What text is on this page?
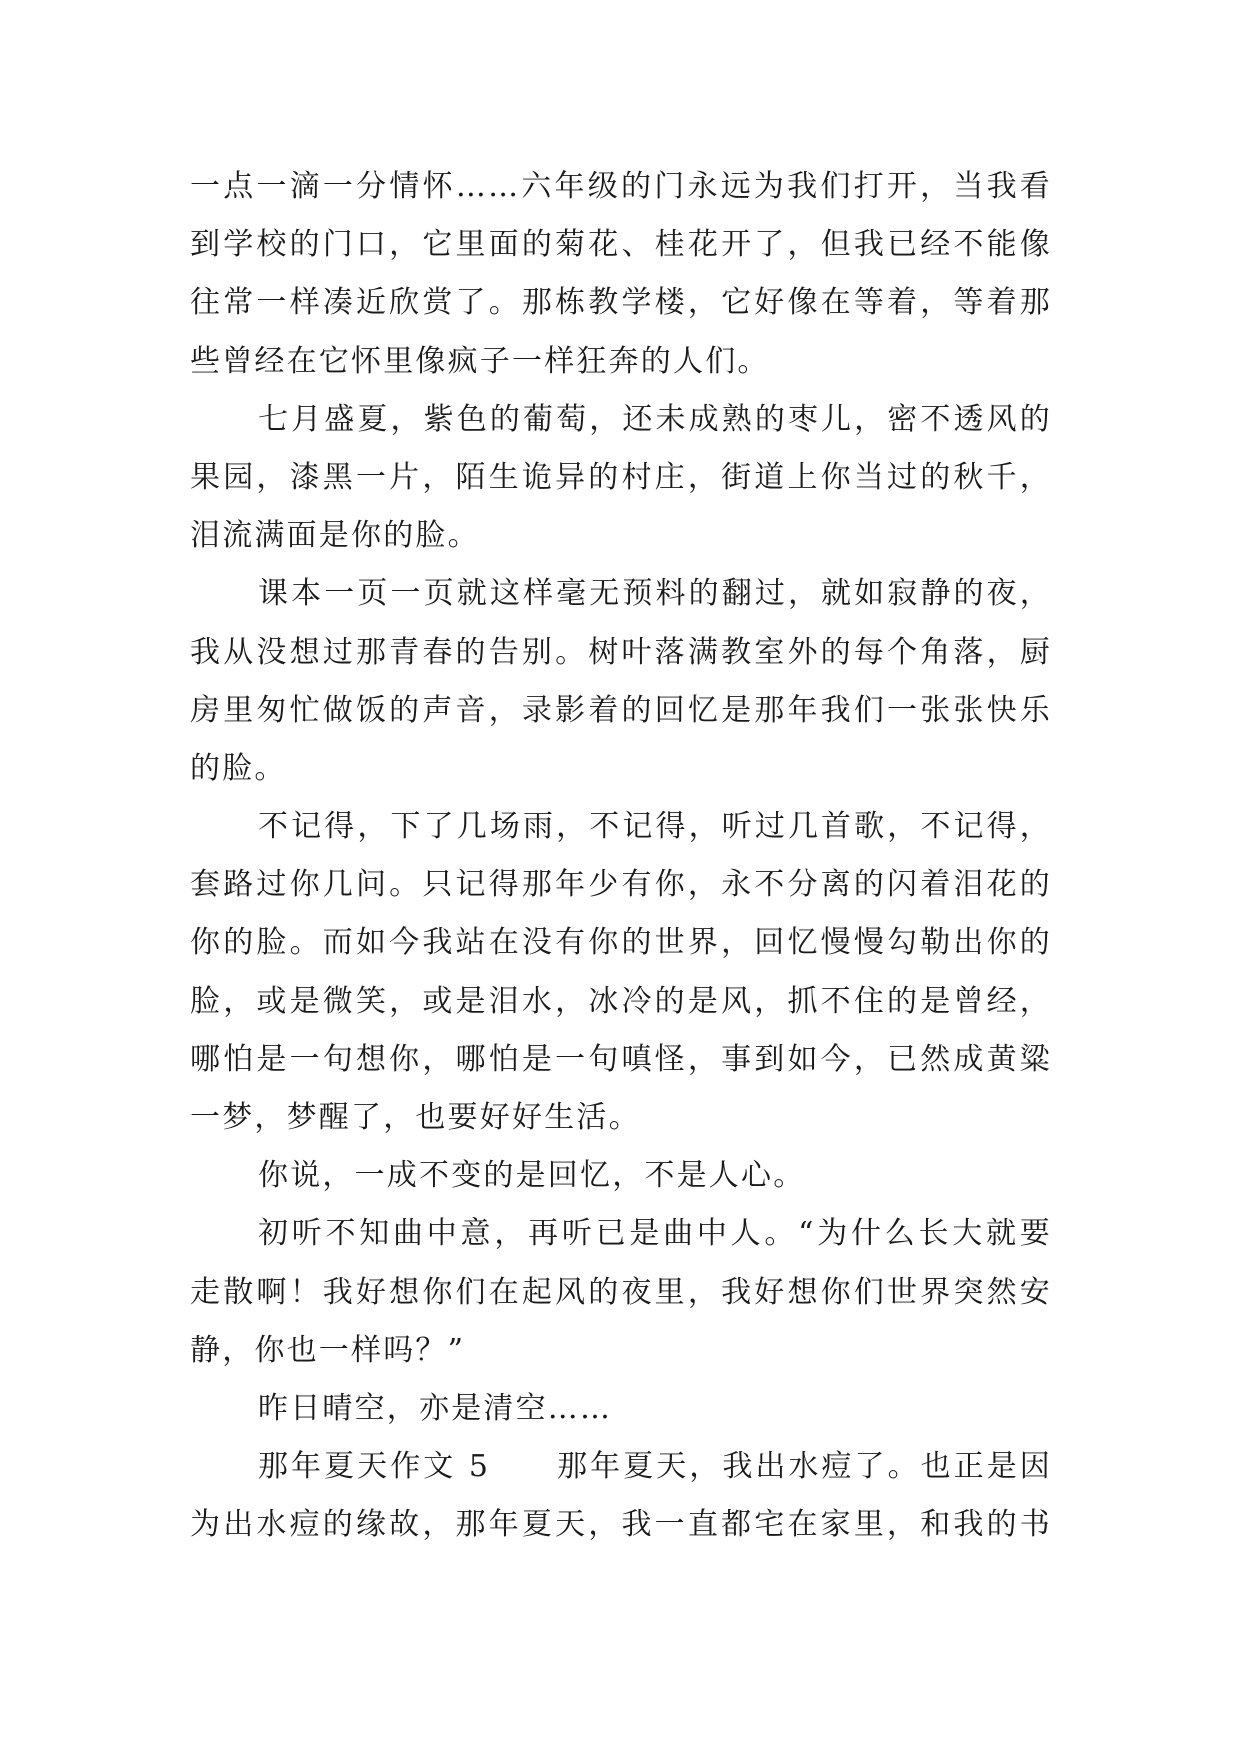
一点一滴一分情怀……六年级的门永远为我们打开，当我看
到学校的门口，它里面的菊花、桂花开了，但我已经不能像
往常一样凑近欣赏了。那栋教学楼，它好像在等着，等着那
些曾经在它怀里像疯子一样狂奔的人们。
七月盛夏，紫色的葡萄，还未成熟的枣儿，密不透风的
果园，漆黑一片，陌生诡异的村庄，街道上你当过的秋千，
泪流满面是你的脸。
课本一页一页就这样毫无预料的翻过，就如寂静的夜，
我从没想过那青春的告别。树叶落满教室外的每个角落，厨
房里匆忙做饭的声音，录影着的回忆是那年我们一张张快乐
的脸。
不记得，下了几场雨，不记得，听过几首歌，不记得，
套路过你几问。只记得那年少有你，永不分离的闪着泪花的
你的脸。而如今我站在没有你的世界，回忆慢慢勾勒出你的
脸，或是微笑，或是泪水，冰冷的是风，抓不住的是曾经，
哪怕是一句想你，哪怕是一句嗔怪，事到如今，已然成黄粱
一梦，梦醒了，也要好好生活。
你说，一成不变的是回忆，不是人心。
初听不知曲中意，再听已是曲中人。“为什么长大就要
走散啊！我好想你们在起风的夜里，我好想你们世界突然安
静，你也一样吗？”
昨日晴空，亦是清空……
那年夏天作文 5　　那年夏天，我出水痘了。也正是因
为出水痘的缘故，那年夏天，我一直都宅在家里，和我的书
